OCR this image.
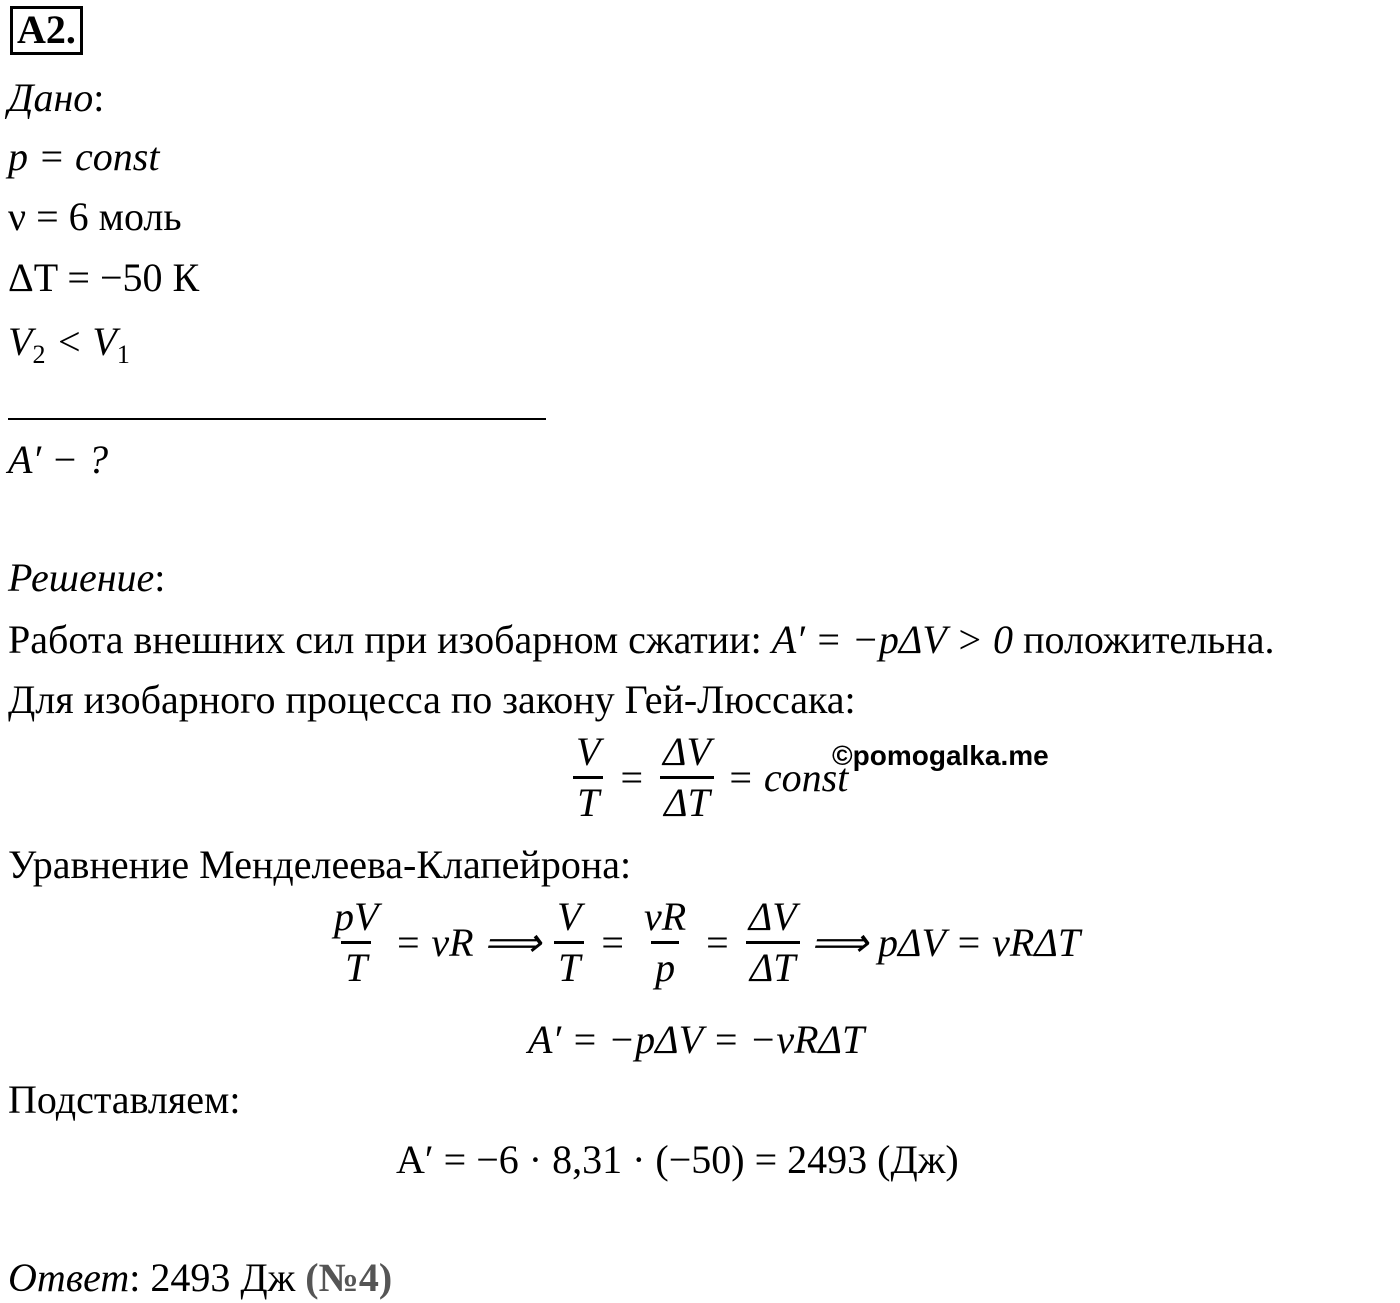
A2.
Дано:
p = const
ν = 6 моль
ΔT = −50 К
$V_2 < V_1$
A′ − ?
Решение:
Работа внешних сил при изобарном сжатии: A′ = −pΔV > 0 положительна.
Для изобарного процесса по закону Гей-Люссака:
$\frac{V}{T} = \frac{\Delta V}{\Delta T}$ = const
©pomogalka.me
Уравнение Менделеева-Клапейрона:
$\frac{pV}{T} = \nu R$ ⟹ $\frac{V}{T} = \frac{\nu R}{p} = \frac{\Delta V}{\Delta T}$ ⟹ pΔV = νRΔT
A′ = −pΔV = −νRΔT
Подставляем:
A′ = −6 · 8,31 · (−50) = 2493 (Дж)
Ответ: 2493 Дж (№4)
